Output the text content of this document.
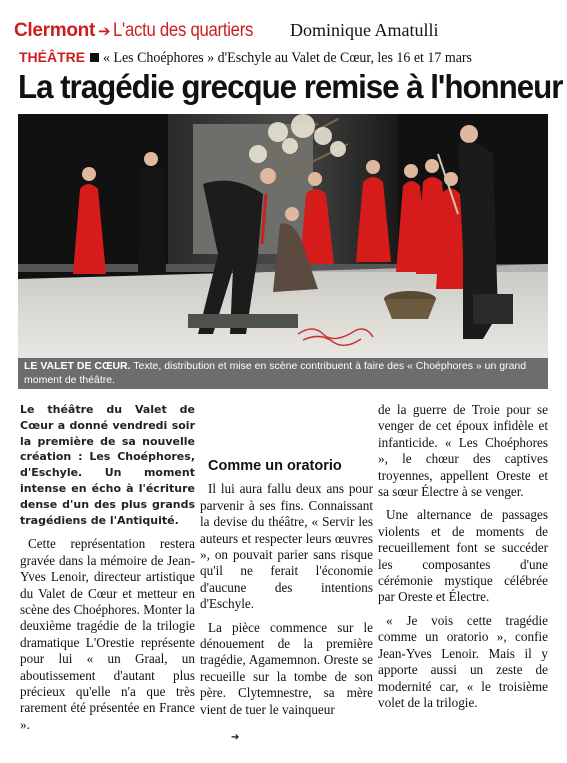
Clermont ➔ L'actu des quartiers Dominique Amatulli
THÉÂTRE « Les Choéphores » d'Eschyle au Valet de Cœur, les 16 et 17 mars
La tragédie grecque remise à l'honneur
LE VALET DE CŒUR. Texte, distribution et mise en scène contribuent à faire des « Choéphores » un grand moment de théâtre.

Le théâtre du Valet de Cœur a donné vendredi soir la première de sa nouvelle création : Les Choéphores, d'Eschyle. Un moment intense en écho à l'écriture dense d'un des plus grands tragédiens de l'Antiquité.

Cette représentation restera gravée dans la mémoire de Jean-Yves Lenoir, directeur artistique du Valet de Cœur et metteur en scène des Choéphores. Monter la deuxième tragédie de la trilogie dramatique L'Orestie représente pour lui « un Graal, un aboutissement d'autant plus précieux qu'elle n'a que très rarement été présentée en France ».

Comme un oratorio

Il lui aura fallu deux ans pour parvenir à ses fins. Connaissant la devise du théâtre, « Servir les auteurs et respecter leurs œuvres », on pouvait parier sans risque qu'il ne ferait l'économie d'aucune des intentions d'Eschyle.

La pièce commence sur le dénouement de la première tragédie, Agamemnon. Oreste se recueille sur la tombe de son père. Clytemnestre, sa mère vient de tuer le vainqueur

de la guerre de Troie pour se venger de cet époux infidèle et infanticide. « Les Choéphores », le chœur des captives troyennes, appellent Oreste et sa sœur Électre à se venger.

Une alternance de passages violents et de moments de recueillement font se succéder les composantes d'une cérémonie mystique célébrée par Oreste et Électre.

« Je vois cette tragédie comme un oratorio », confie Jean-Yves Lenoir. Mais il y apporte aussi un zeste de modernité car, « le troisième volet de la trilogie.

➔
